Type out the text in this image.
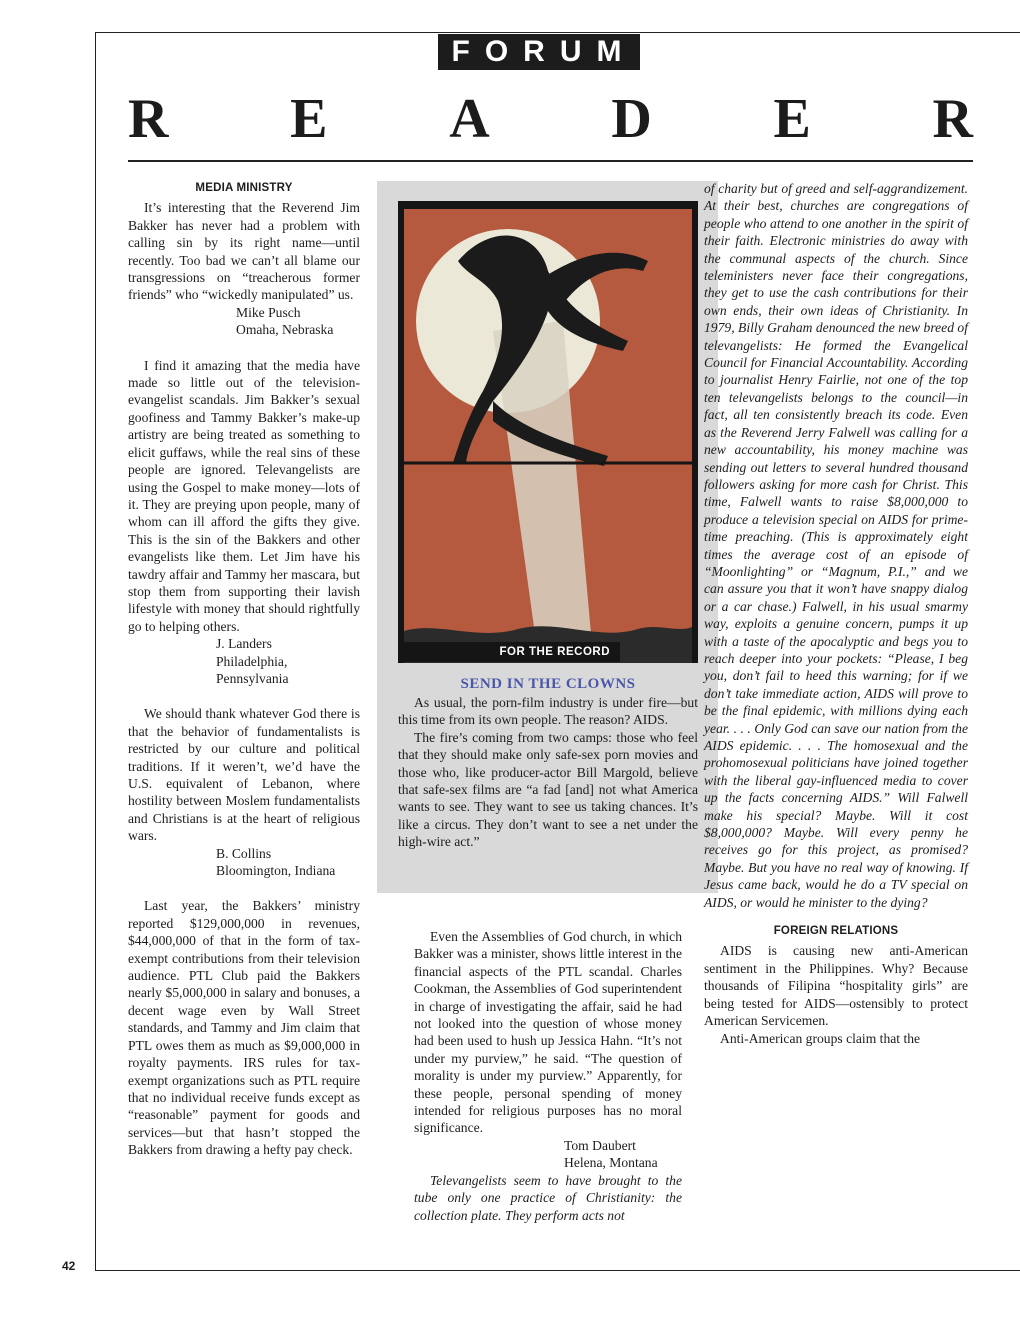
FORUM
R E A D E R
MEDIA MINISTRY

It’s interesting that the Reverend Jim Bakker has never had a problem with calling sin by its right name—until recently. Too bad we can’t all blame our transgressions on “treacherous former friends” who “wickedly manipulated” us.

Mike Pusch
Omaha, Nebraska

I find it amazing that the media have made so little out of the television-evangelist scandals. Jim Bakker’s sexual goofiness and Tammy Bakker’s make-up artistry are being treated as something to elicit guffaws, while the real sins of these people are ignored. Televangelists are using the Gospel to make money—lots of it. They are preying upon people, many of whom can ill afford the gifts they give. This is the sin of the Bakkers and other evangelists like them. Let Jim have his tawdry affair and Tammy her mascara, but stop them from supporting their lavish lifestyle with money that should rightfully go to helping others.

J. Landers
Philadelphia, Pennsylvania

We should thank whatever God there is that the behavior of fundamentalists is restricted by our culture and political traditions. If it weren’t, we’d have the U.S. equivalent of Lebanon, where hostility between Moslem fundamentalists and Christians is at the heart of religious wars.

B. Collins
Bloomington, Indiana

Last year, the Bakkers’ ministry reported $129,000,000 in revenues, $44,000,000 of that in the form of tax-exempt contributions from their television audience. PTL Club paid the Bakkers nearly $5,000,000 in salary and bonuses, a decent wage even by Wall Street standards, and Tammy and Jim claim that PTL owes them as much as $9,000,000 in royalty payments. IRS rules for tax-exempt organizations such as PTL require that no individual receive funds except as “reasonable” payment for goods and services—but that hasn’t stopped the Bakkers from drawing a hefty pay check.

FOR THE RECORD
SEND IN THE CLOWNS

As usual, the porn-film industry is under fire—but this time from its own people. The reason? AIDS.

The fire’s coming from two camps: those who feel that they should make only safe-sex porn movies and those who, like producer-actor Bill Margold, believe that safe-sex films are “a fad [and] not what America wants to see. They want to see us taking chances. It’s like a circus. They don’t want to see a net under the high-wire act.”

Even the Assemblies of God church, in which Bakker was a minister, shows little interest in the financial aspects of the PTL scandal. Charles Cookman, the Assemblies of God superintendent in charge of investigating the affair, said he had not looked into the question of whose money had been used to hush up Jessica Hahn. “It’s not under my purview,” he said. “The question of morality is under my purview.” Apparently, for these people, personal spending of money intended for religious purposes has no moral significance.

Tom Daubert
Helena, Montana

Televangelists seem to have brought to the tube only one practice of Christianity: the collection plate. They perform acts not

of charity but of greed and self-aggrandizement. At their best, churches are congregations of people who attend to one another in the spirit of their faith. Electronic ministries do away with the communal aspects of the church. Since teleministers never face their congregations, they get to use the cash contributions for their own ends, their own ideas of Christianity. In 1979, Billy Graham denounced the new breed of televangelists: He formed the Evangelical Council for Financial Accountability. According to journalist Henry Fairlie, not one of the top ten televangelists belongs to the council—in fact, all ten consistently breach its code. Even as the Reverend Jerry Falwell was calling for a new accountability, his money machine was sending out letters to several hundred thousand followers asking for more cash for Christ. This time, Falwell wants to raise $8,000,000 to produce a television special on AIDS for prime-time preaching. (This is approximately eight times the average cost of an episode of “Moonlighting” or “Magnum, P.I.,” and we can assure you that it won’t have snappy dialog or a car chase.) Falwell, in his usual smarmy way, exploits a genuine concern, pumps it up with a taste of the apocalyptic and begs you to reach deeper into your pockets: “Please, I beg you, don’t fail to heed this warning; for if we don’t take immediate action, AIDS will prove to be the final epidemic, with millions dying each year. . . . Only God can save our nation from the AIDS epidemic. . . . The homosexual and the prohomosexual politicians have joined together with the liberal gay-influenced media to cover up the facts concerning AIDS.” Will Falwell make his special? Maybe. Will it cost $8,000,000? Maybe. Will every penny he receives go for this project, as promised? Maybe. But you have no real way of knowing. If Jesus came back, would he do a TV special on AIDS, or would he minister to the dying?

FOREIGN RELATIONS

AIDS is causing new anti-American sentiment in the Philippines. Why? Because thousands of Filipina “hospitality girls” are being tested for AIDS—ostensibly to protect American Servicemen.

Anti-American groups claim that the

42
